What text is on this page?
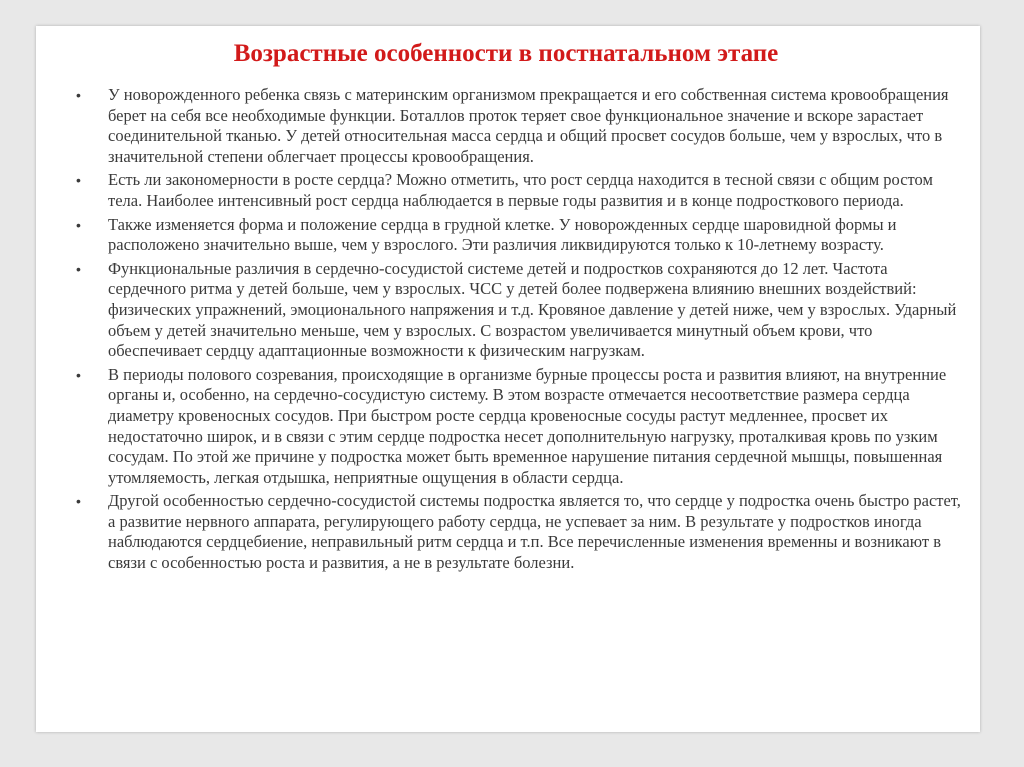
Возрастные особенности в постнатальном этапе
• У новорожденного ребенка связь с материнским организмом прекращается и его собственная система кровообращения берет на себя все необходимые функции. Боталлов проток теряет свое функциональное значение и вскоре зарастает соединительной тканью. У детей относительная масса сердца и общий просвет сосудов больше, чем у взрослых, что в значительной степени облегчает процессы кровообращения.
• Есть ли закономерности в росте сердца? Можно отметить, что рост сердца находится в тесной связи с общим ростом тела. Наиболее интенсивный рост сердца наблюдается в первые годы развития и в конце подросткового периода.
• Также изменяется форма и положение сердца в грудной клетке. У новорожденных сердце шаровидной формы и расположено значительно выше, чем у взрослого. Эти различия ликвидируются только к 10-летнему возрасту.
• Функциональные различия в сердечно-сосудистой системе детей и подростков сохраняются до 12 лет. Частота сердечного ритма у детей больше, чем у взрослых. ЧСС у детей более подвержена влиянию внешних воздействий: физических упражнений, эмоционального напряжения и т.д. Кровяное давление у детей ниже, чем у взрослых. Ударный объем у детей значительно меньше, чем у взрослых. С возрастом увеличивается минутный объем крови, что обеспечивает сердцу адаптационные возможности к физическим нагрузкам.
• В периоды полового созревания, происходящие в организме бурные процессы роста и развития влияют, на внутренние органы и, особенно, на сердечно-сосудистую систему. В этом возрасте отмечается несоответствие размера сердца диаметру кровеносных сосудов. При быстром росте сердца кровеносные сосуды растут медленнее, просвет их недостаточно широк, и в связи с этим сердце подростка несет дополнительную нагрузку, проталкивая кровь по узким сосудам. По этой же причине у подростка может быть временное нарушение питания сердечной мышцы, повышенная утомляемость, легкая отдышка, неприятные ощущения в области сердца.
• Другой особенностью сердечно-сосудистой системы подростка является то, что сердце у подростка очень быстро растет, а развитие нервного аппарата, регулирующего работу сердца, не успевает за ним. В результате у подростков иногда наблюдаются сердцебиение, неправильный ритм сердца и т.п. Все перечисленные изменения временны и возникают в связи с особенностью роста и развития, а не в результате болезни.
